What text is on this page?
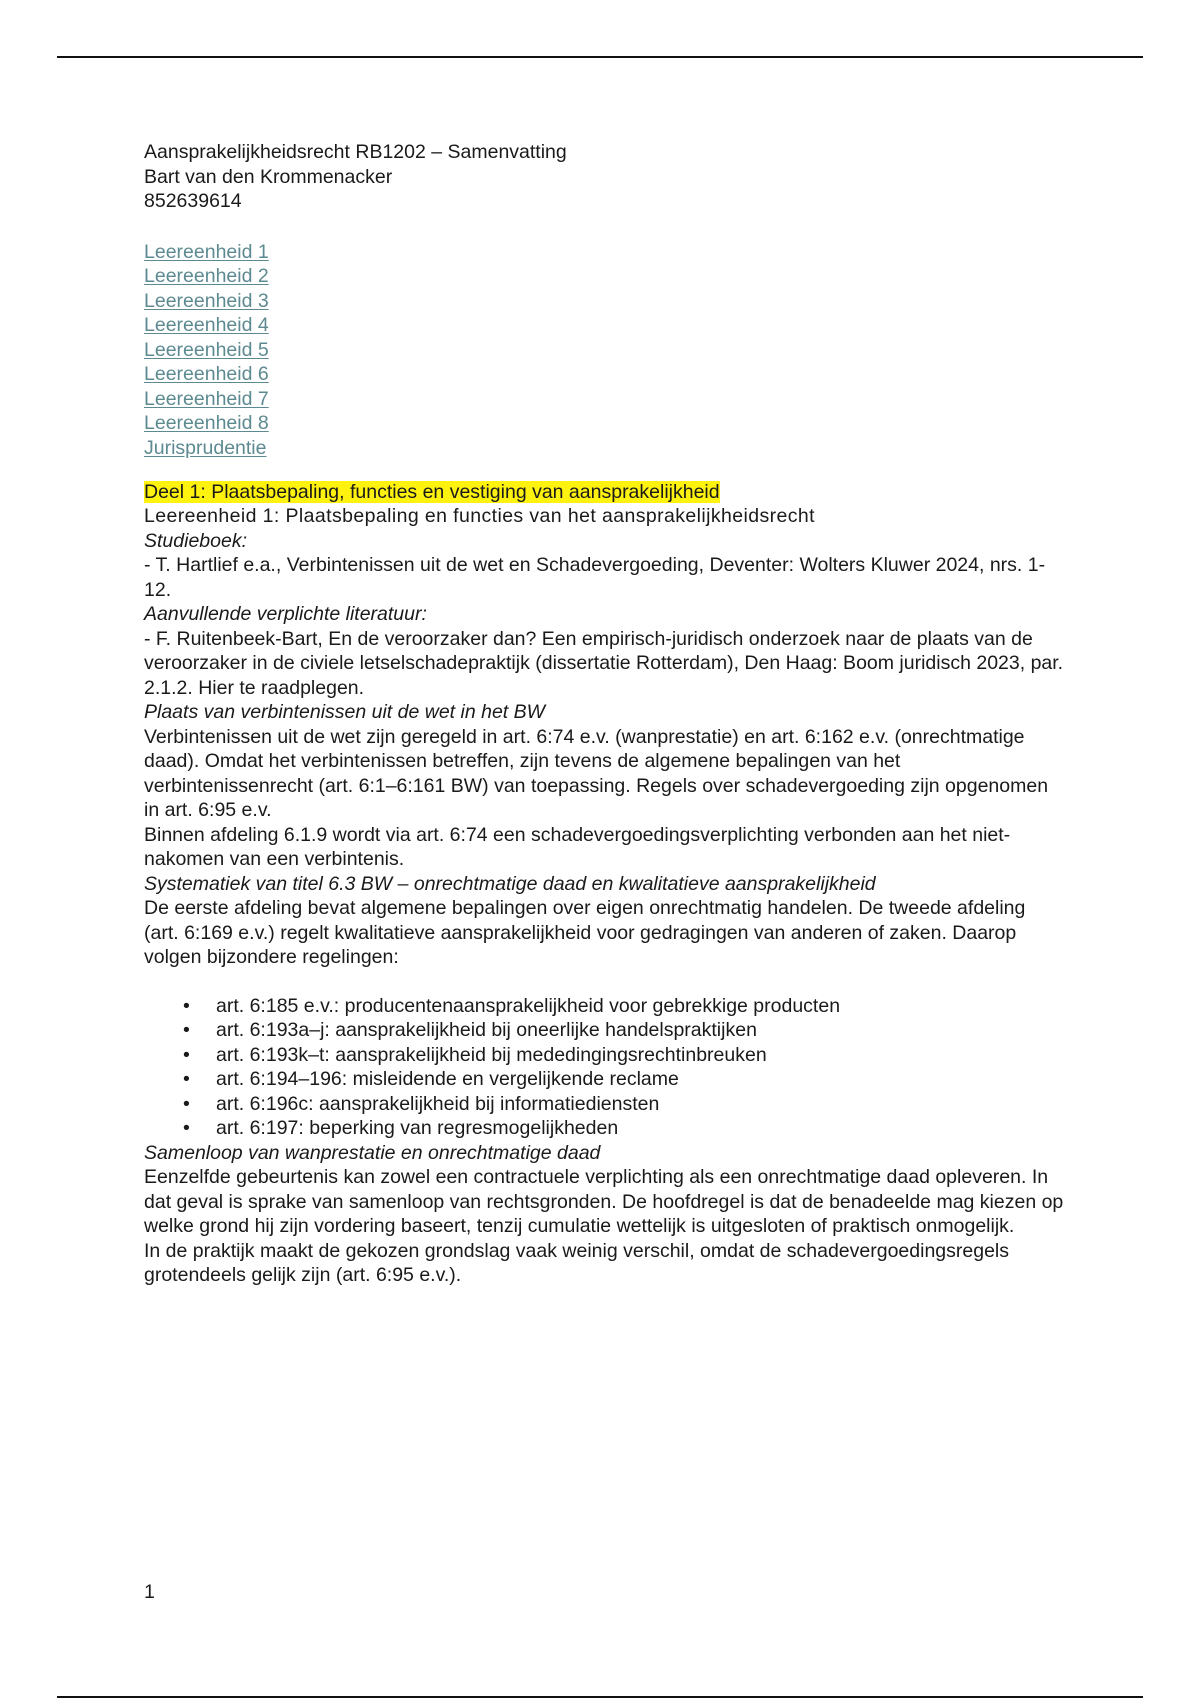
Aansprakelijkheidsrecht RB1202 – Samenvatting

Bart van den Krommenacker

852639614

Leereenheid 1
Leereenheid 2
Leereenheid 3
Leereenheid 4
Leereenheid 5
Leereenheid 6
Leereenheid 7
Leereenheid 8
Jurisprudentie

Deel 1: Plaatsbepaling, functies en vestiging van aansprakelijkheid

Leereenheid 1: Plaatsbepaling en functies van het aansprakelijkheidsrecht

Studieboek:

- T. Hartlief e.a., Verbintenissen uit de wet en Schadevergoeding, Deventer: Wolters Kluwer 2024, nrs. 1-12.

Aanvullende verplichte literatuur:

- F. Ruitenbeek-Bart, En de veroorzaker dan? Een empirisch-juridisch onderzoek naar de plaats van de veroorzaker in de civiele letselschadepraktijk (dissertatie Rotterdam), Den Haag: Boom juridisch 2023, par. 2.1.2. Hier te raadplegen.

Plaats van verbintenissen uit de wet in het BW

Verbintenissen uit de wet zijn geregeld in art. 6:74 e.v. (wanprestatie) en art. 6:162 e.v. (onrechtmatige daad). Omdat het verbintenissen betreffen, zijn tevens de algemene bepalingen van het verbintenissenrecht (art. 6:1–6:161 BW) van toepassing. Regels over schadevergoeding zijn opgenomen in art. 6:95 e.v.

Binnen afdeling 6.1.9 wordt via art. 6:74 een schadevergoedingsverplichting verbonden aan het niet-nakomen van een verbintenis.

Systematiek van titel 6.3 BW – onrechtmatige daad en kwalitatieve aansprakelijkheid

De eerste afdeling bevat algemene bepalingen over eigen onrechtmatig handelen. De tweede afdeling (art. 6:169 e.v.) regelt kwalitatieve aansprakelijkheid voor gedragingen van anderen of zaken. Daarop volgen bijzondere regelingen:

• art. 6:185 e.v.: producentenaansprakelijkheid voor gebrekkige producten
• art. 6:193a–j: aansprakelijkheid bij oneerlijke handelspraktijken
• art. 6:193k–t: aansprakelijkheid bij mededingingsrechtinbreuken
• art. 6:194–196: misleidende en vergelijkende reclame
• art. 6:196c: aansprakelijkheid bij informatiediensten
• art. 6:197: beperking van regresmogelijkheden

Samenloop van wanprestatie en onrechtmatige daad

Eenzelfde gebeurtenis kan zowel een contractuele verplichting als een onrechtmatige daad opleveren. In dat geval is sprake van samenloop van rechtsgronden. De hoofdregel is dat de benadeelde mag kiezen op welke grond hij zijn vordering baseert, tenzij cumulatie wettelijk is uitgesloten of praktisch onmogelijk.

In de praktijk maakt de gekozen grondslag vaak weinig verschil, omdat de schadevergoedingsregels grotendeels gelijk zijn (art. 6:95 e.v.).

1
